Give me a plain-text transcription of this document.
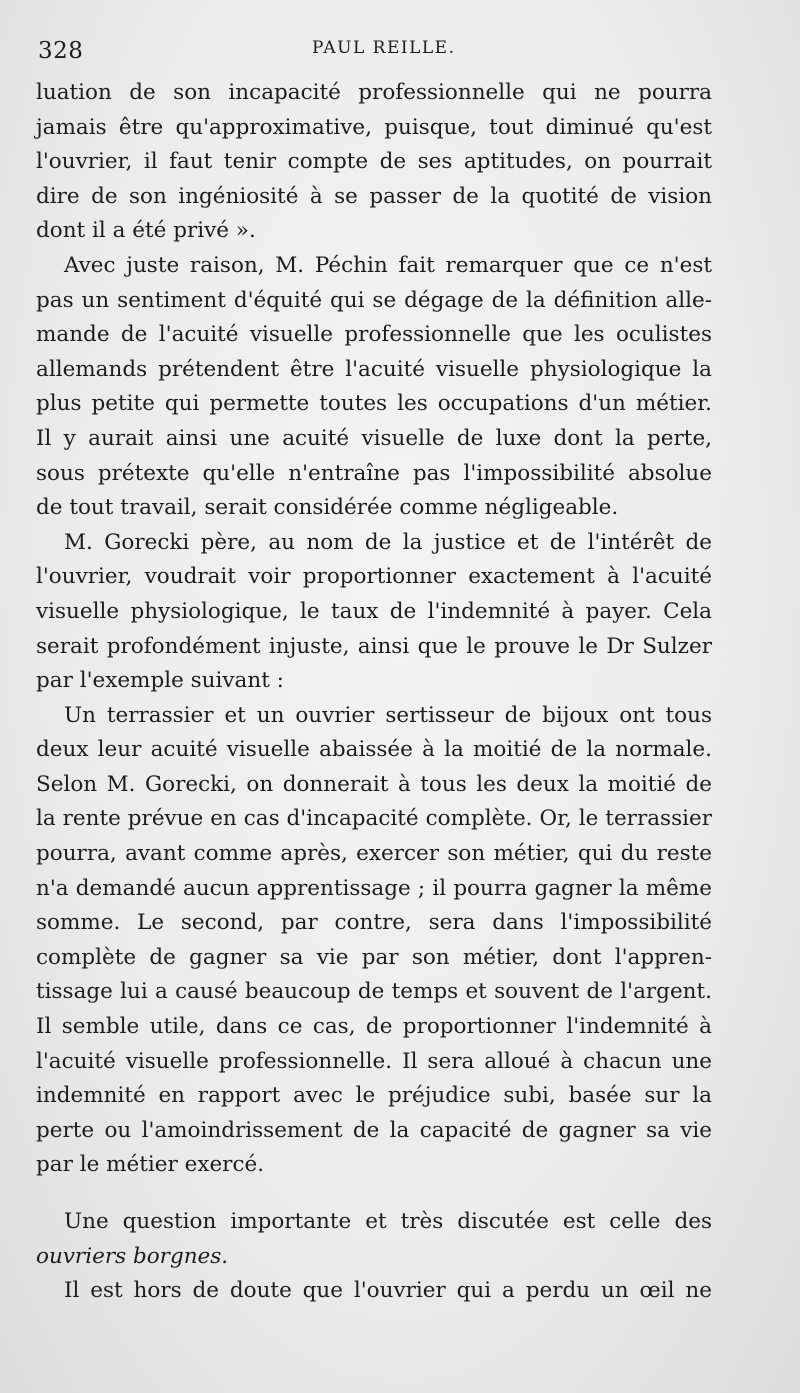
328	PAUL REILLE.
luation de son incapacité professionnelle qui ne pourra
jamais être qu'approximative, puisque, tout diminué qu'est
l'ouvrier, il faut tenir compte de ses aptitudes, on pourrait
dire de son ingéniosité à se passer de la quotité de vision
dont il a été privé ».
Avec juste raison, M. Péchin fait remarquer que ce n'est
pas un sentiment d'équité qui se dégage de la définition alle-
mande de l'acuité visuelle professionnelle que les oculistes
allemands prétendent être l'acuité visuelle physiologique la
plus petite qui permette toutes les occupations d'un métier.
Il y aurait ainsi une acuité visuelle de luxe dont la perte,
sous prétexte qu'elle n'entraîne pas l'impossibilité absolue
de tout travail, serait considérée comme négligeable.
M. Gorecki père, au nom de la justice et de l'intérêt de
l'ouvrier, voudrait voir proportionner exactement à l'acuité
visuelle physiologique, le taux de l'indemnité à payer. Cela
serait profondément injuste, ainsi que le prouve le Dr Sulzer
par l'exemple suivant :
Un terrassier et un ouvrier sertisseur de bijoux ont tous
deux leur acuité visuelle abaissée à la moitié de la normale.
Selon M. Gorecki, on donnerait à tous les deux la moitié de
la rente prévue en cas d'incapacité complète. Or, le terrassier
pourra, avant comme après, exercer son métier, qui du reste
n'a demandé aucun apprentissage ; il pourra gagner la même
somme. Le second, par contre, sera dans l'impossibilité
complète de gagner sa vie par son métier, dont l'appren-
tissage lui a causé beaucoup de temps et souvent de l'argent.
Il semble utile, dans ce cas, de proportionner l'indemnité à
l'acuité visuelle professionnelle. Il sera alloué à chacun une
indemnité en rapport avec le préjudice subi, basée sur la
perte ou l'amoindrissement de la capacité de gagner sa vie
par le métier exercé.
Une question importante et très discutée est celle des
ouvriers borgnes.
Il est hors de doute que l'ouvrier qui a perdu un œil ne
